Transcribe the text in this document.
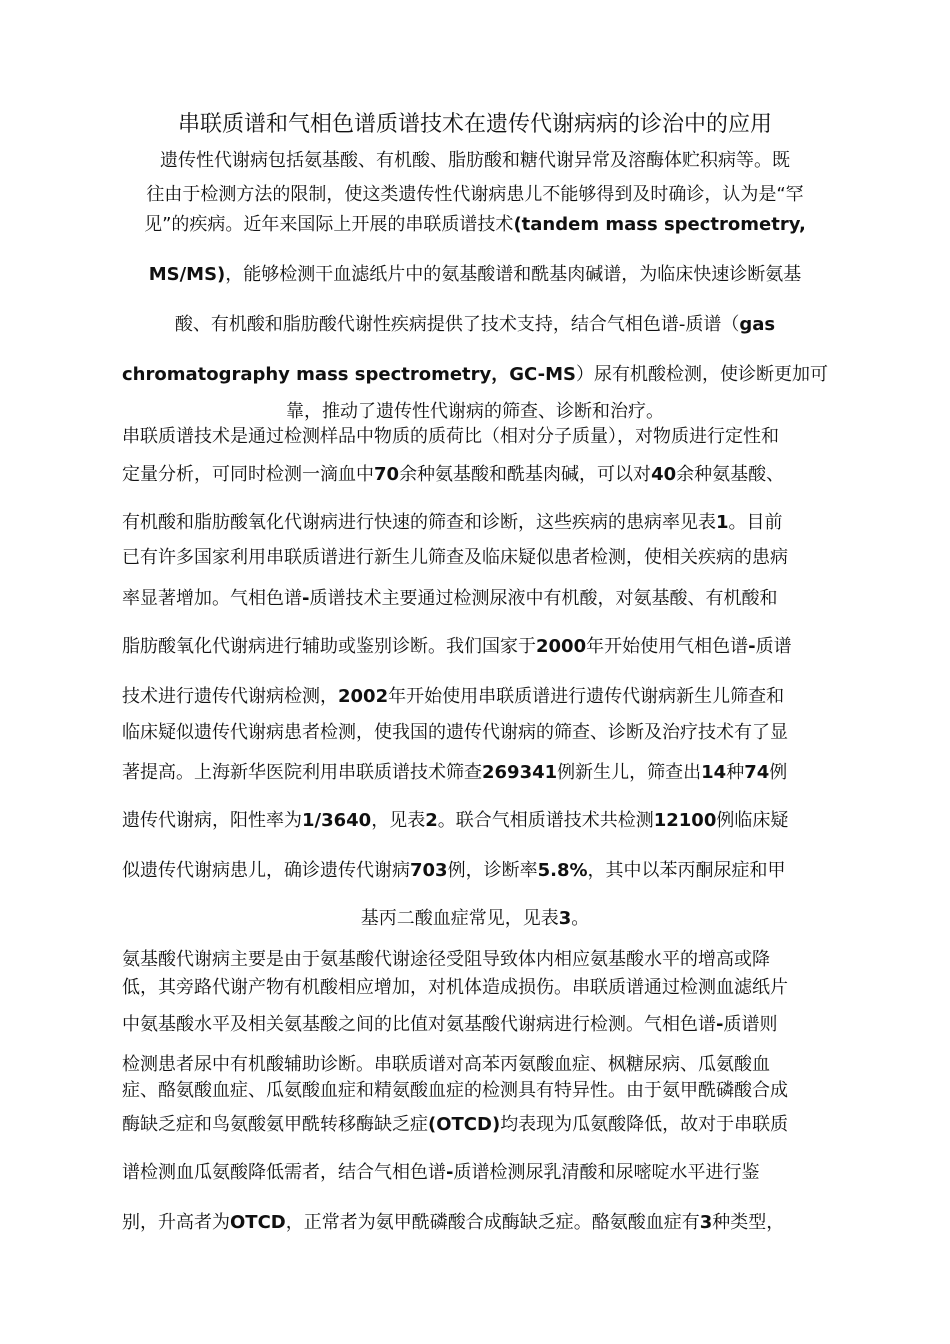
串联质谱和气相色谱质谱技术在遗传代谢病病的诊治中的应用
遗传性代谢病包括氨基酸、有机酸、脂肪酸和糖代谢异常及溶酶体贮积病等。既
往由于检测方法的限制，使这类遗传性代谢病患儿不能够得到及时确诊，认为是“罕
见”的疾病。近年来国际上开展的串联质谱技术(tandem mass spectrometry,
MS/MS)，能够检测干血滤纸片中的氨基酸谱和酰基肉碱谱，为临床快速诊断氨基
酸、有机酸和脂肪酸代谢性疾病提供了技术支持，结合气相色谱-质谱（gas
chromatography mass spectrometry，GC-MS）尿有机酸检测，使诊断更加可
靠，推动了遗传性代谢病的筛查、诊断和治疗。
串联质谱技术是通过检测样品中物质的质荷比（相对分子质量），对物质进行定性和
定量分析，可同时检测一滴血中70余种氨基酸和酰基肉碱，可以对40余种氨基酸、
有机酸和脂肪酸氧化代谢病进行快速的筛查和诊断，这些疾病的患病率见表1。目前
已有许多国家利用串联质谱进行新生儿筛查及临床疑似患者检测，使相关疾病的患病
率显著增加。气相色谱-质谱技术主要通过检测尿液中有机酸，对氨基酸、有机酸和
脂肪酸氧化代谢病进行辅助或鉴别诊断。我们国家于2000年开始使用气相色谱-质谱
技术进行遗传代谢病检测，2002年开始使用串联质谱进行遗传代谢病新生儿筛查和
临床疑似遗传代谢病患者检测，使我国的遗传代谢病的筛查、诊断及治疗技术有了显
著提高。上海新华医院利用串联质谱技术筛查269341例新生儿，筛查出14种74例
遗传代谢病，阳性率为1/3640，见表2。联合气相质谱技术共检测12100例临床疑
似遗传代谢病患儿，确诊遗传代谢病703例，诊断率5.8%，其中以苯丙酮尿症和甲
基丙二酸血症常见，见表3。
氨基酸代谢病主要是由于氨基酸代谢途径受阻导致体内相应氨基酸水平的增高或降
低，其旁路代谢产物有机酸相应增加，对机体造成损伤。串联质谱通过检测血滤纸片
中氨基酸水平及相关氨基酸之间的比值对氨基酸代谢病进行检测。气相色谱-质谱则
检测患者尿中有机酸辅助诊断。串联质谱对高苯丙氨酸血症、枫糖尿病、瓜氨酸血
症、酪氨酸血症、瓜氨酸血症和精氨酸血症的检测具有特异性。由于氨甲酰磷酸合成
酶缺乏症和鸟氨酸氨甲酰转移酶缺乏症(OTCD)均表现为瓜氨酸降低，故对于串联质
谱检测血瓜氨酸降低需者，结合气相色谱-质谱检测尿乳清酸和尿嘧啶水平进行鉴
别，升高者为OTCD，正常者为氨甲酰磷酸合成酶缺乏症。酪氨酸血症有3种类型，
